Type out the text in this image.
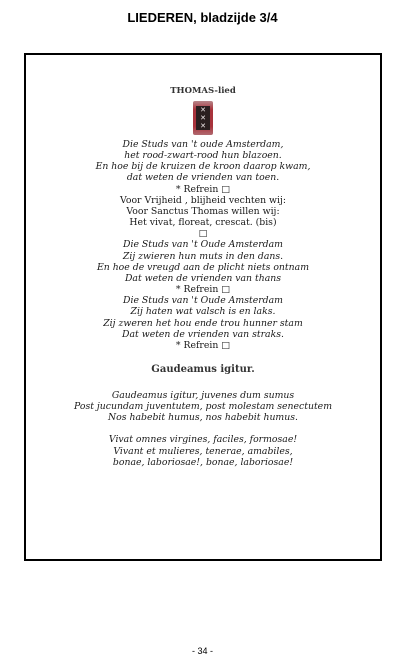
LIEDEREN, bladzijde 3/4
THOMAS-lied
✕
✕
✕
Die Studs van 't oude Amsterdam,
het rood-zwart-rood hun blazoen.
En hoe bij de kruizen de kroon daarop kwam,
dat weten de vrienden van toen.
* Refrein □
Voor Vrijheid , blijheid vechten wij:
Voor Sanctus Thomas willen wij:
Het vivat, floreat, crescat. (bis)
□
Die Studs van 't Oude Amsterdam
Zij zwieren hun muts in den dans.
En hoe de vreugd aan de plicht niets ontnam
Dat weten de vrienden van thans
* Refrein □
Die Studs van 't Oude Amsterdam
Zij haten wat valsch is en laks.
Zij zweren het hou ende trou hunner stam
Dat weten de vrienden van straks.
* Refrein □
Gaudeamus igitur.
Gaudeamus igitur, juvenes dum sumus
Post jucundam juventutem, post molestam senectutem
Nos habebit humus, nos habebit humus.
Vivat omnes virgines, faciles, formosae!
Vivant et mulieres, tenerae, amabiles,
bonae, laboriosae!, bonae, laboriosae!
- 34 -
